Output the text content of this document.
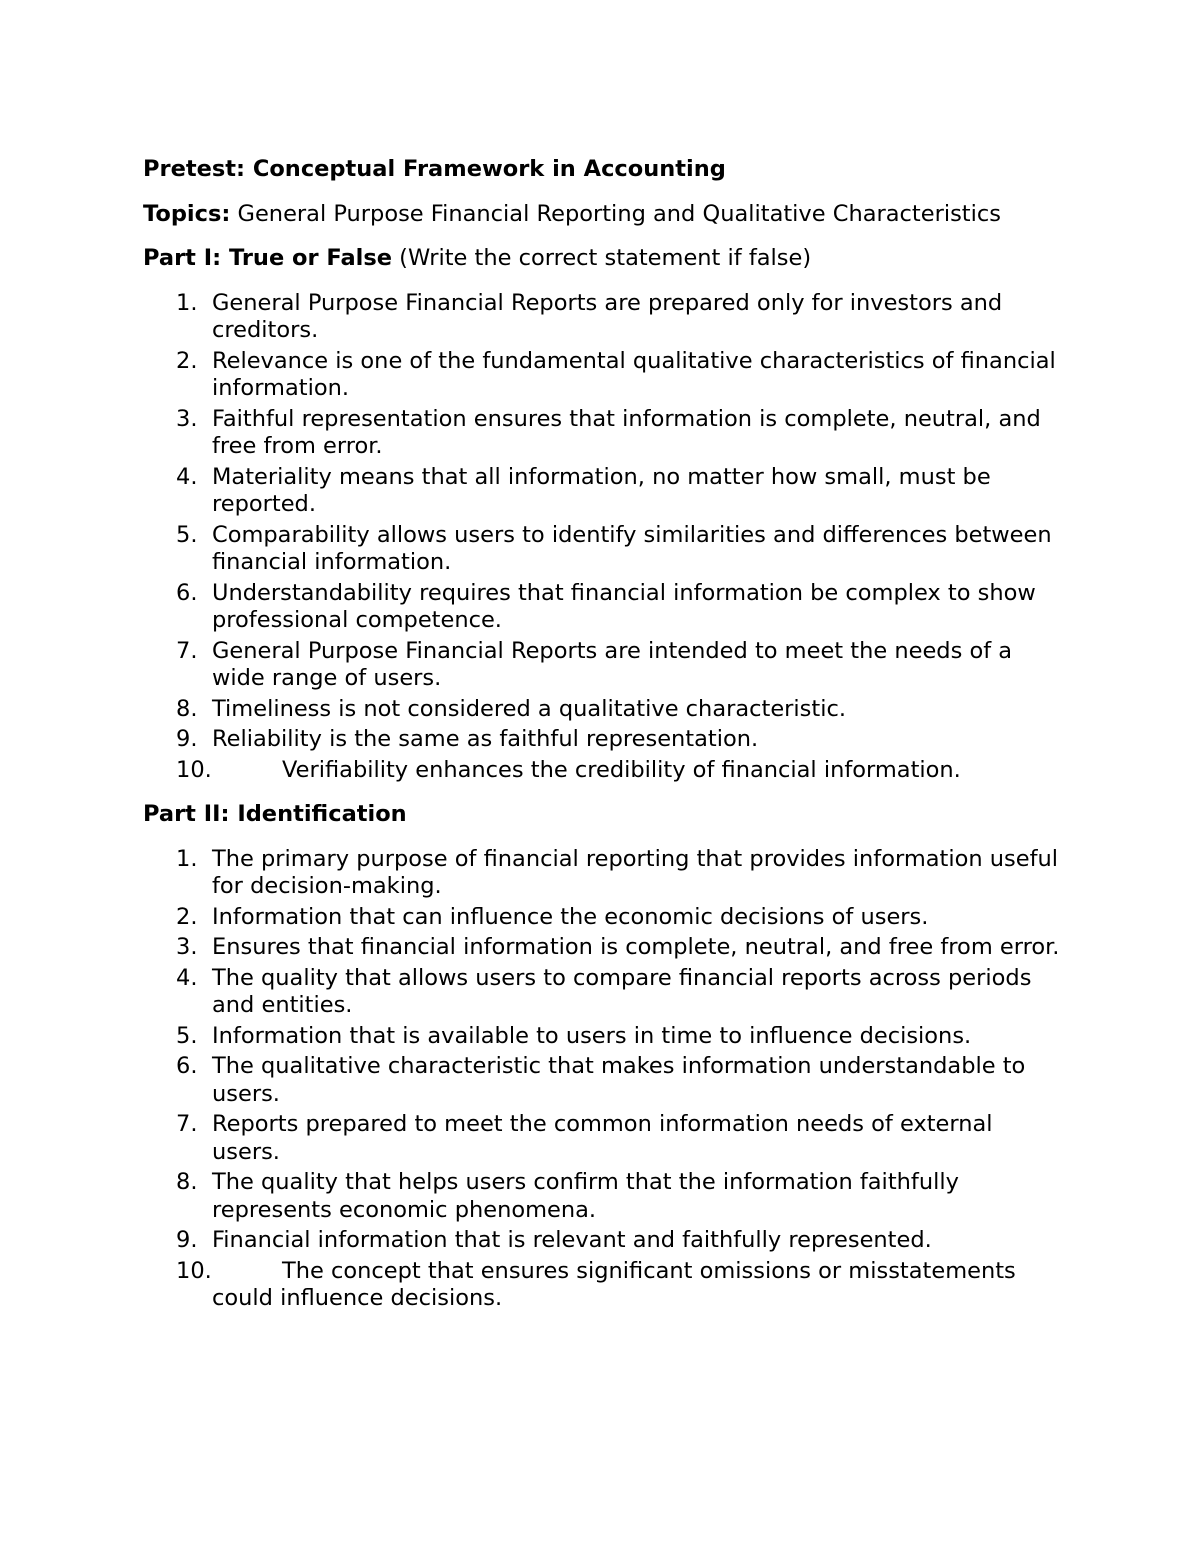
Pretest: Conceptual Framework in Accounting

Topics: General Purpose Financial Reporting and Qualitative Characteristics

Part I: True or False (Write the correct statement if false)

1. General Purpose Financial Reports are prepared only for investors and creditors.
2. Relevance is one of the fundamental qualitative characteristics of financial information.
3. Faithful representation ensures that information is complete, neutral, and free from error.
4. Materiality means that all information, no matter how small, must be reported.
5. Comparability allows users to identify similarities and differences between financial information.
6. Understandability requires that financial information be complex to show professional competence.
7. General Purpose Financial Reports are intended to meet the needs of a wide range of users.
8. Timeliness is not considered a qualitative characteristic.
9. Reliability is the same as faithful representation.
10.	Verifiability enhances the credibility of financial information.

Part II: Identification

1. The primary purpose of financial reporting that provides information useful for decision-making.
2. Information that can influence the economic decisions of users.
3. Ensures that financial information is complete, neutral, and free from error.
4. The quality that allows users to compare financial reports across periods and entities.
5. Information that is available to users in time to influence decisions.
6. The qualitative characteristic that makes information understandable to users.
7. Reports prepared to meet the common information needs of external users.
8. The quality that helps users confirm that the information faithfully represents economic phenomena.
9. Financial information that is relevant and faithfully represented.
10.	The concept that ensures significant omissions or misstatements could influence decisions.
